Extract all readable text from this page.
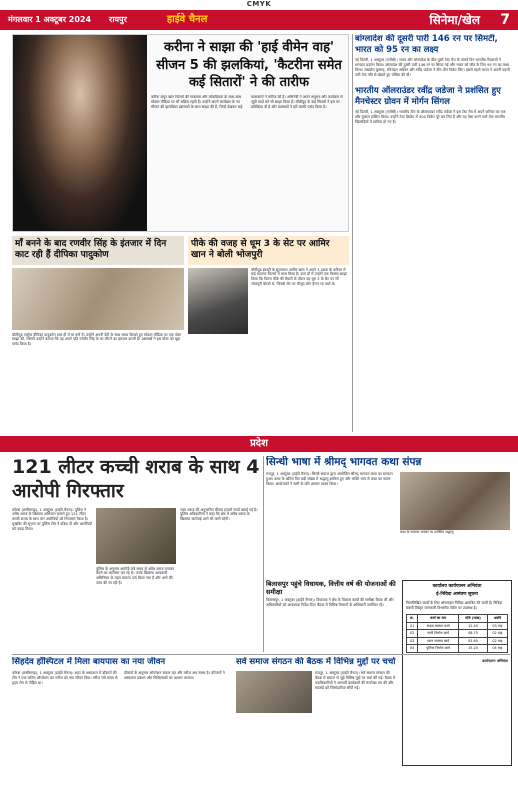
CMYK
मंगलवार 1 अक्टूबर 2024 रायपुर	हाईवे चैनल	सिनेमा/खेल 7
करीना ने साझा की 'हाई वीमेन वाह' सीजन 5 की झलकियां, 'कैटरीना समेत कई सितारों' ने की तारीफ
करीना कपूर खान फिल्मों की सफलता और लोकप्रियता के साथ-साथ सोशल मीडिया पर भी सक्रिय रहती हैं। उन्होंने अपने कार्यक्रम के नए सीजन की झलकियां प्रशंसकों के साथ साझा की हैं, जिन्हें देखकर कई कलाकारों ने तारीफ की है। अभिनेत्री ने अपने अनुभव और कार्यक्रम से जुड़ी यादों को भी साझा किया है। बॉलीवुड के कई सितारों ने इस पर प्रतिक्रिया दी है और प्रशंसकों ने इसे काफी पसंद किया है।
बांग्लादेश की दूसरी पारी 146 रन पर सिमटी, भारत को 95 रन का लक्ष्य

नई दिल्ली, 1 अक्टूबर (एजेंसी)। भारत और बांग्लादेश के बीच दूसरे टेस्ट मैच के पांचवें दिन भारतीय गेंदबाजों ने शानदार प्रदर्शन किया। बांग्लादेश की दूसरी पारी 146 रन पर सिमट गई और भारत को जीत के लिए 95 रन का लक्ष्य मिला। जसप्रीत बुमराह, रविचंद्रन अश्विन और रवींद्र जडेजा ने तीन-तीन विकेट लिए। इससे पहले भारत ने अपनी पहली पारी तेज गति से खेलते हुए घोषित की थी।

भारतीय ऑलराउंडर रवींद्र जडेजा ने प्रशंसित हुए मैनचेस्टर ग्रोवन में मोर्गन सिंगल

नई दिल्ली, 1 अक्टूबर (एजेंसी)। भारतीय टीम के ऑलराउंडर रवींद्र जडेजा ने इस टेस्ट मैच में अपने करियर का एक और मुकाम हासिल किया। उन्होंने टेस्ट क्रिकेट में 300 विकेट पूरे कर लिए हैं और वह ऐसा करने वाले तेज भारतीय खिलाड़ियों में शामिल हो गए हैं।

माँ बनने के बाद रणवीर सिंह के इंतजार में दिन काट रही हैं दीपिका पादुकोण

बॉलीवुड एक्ट्रेस दीपिका पादुकोण हाल ही में मां बनी हैं। उन्होंने अपनी बेटी के साथ समय बिताते हुए सोशल मीडिया पर एक पोस्ट साझा की, जिसमें उन्होंने बताया कि वह अपने पति रणवीर सिंह के घर लौटने का इंतजार करती हैं। प्रशंसकों ने इस पोस्ट को खूब पसंद किया है।

पीके की वजह से धूम 3 के सेट पर आमिर खान ने बोली भोजपुरी

बॉलीवुड इंडस्ट्री के सुपरस्टार आमिर खान ने अपने 3 दशक के करियर में कई यादगार फिल्मों में काम किया है। हाल ही में उन्होंने एक किस्सा साझा किया कि फिल्म पीके की तैयारी के दौरान वह धूम 3 के सेट पर भी भोजपुरी बोलते थे, जिससे सेट पर मौजूद लोग हैरान रह जाते थे।

प्रदेश
121 लीटर कच्ची शराब के साथ 4 आरोपी गिरफ्तार

कोरबा (छत्तीसगढ़), 1 अक्टूबर (हाईवे चैनल)। पुलिस ने अवैध शराब के खिलाफ अभियान चलाते हुए 121 लीटर कच्ची शराब के साथ चार आरोपियों को गिरफ्तार किया है। मुखबिर की सूचना पर पुलिस टीम ने दबिश दी और आरोपियों को पकड़ लिया।

पुलिस के अनुसार आरोपी लंबे समय से अवैध शराब बनाकर बेचने का कारोबार कर रहे थे। उनके खिलाफ आबकारी अधिनियम के तहत मामला दर्ज किया गया है और आगे की जांच की जा रही है।

जब्त शराब की अनुमानित कीमत हजारों रुपये बताई गई है। पुलिस अधिकारियों ने कहा कि क्षेत्र में अवैध शराब के खिलाफ कार्रवाई आगे भी जारी रहेगी।

सिन्धी भाषा में श्रीमद् भागवत कथा संपन्न

रायपुर, 1 अक्टूबर (हाईवे चैनल)। सिन्धी समाज द्वारा आयोजित श्रीमद् भागवत कथा का समापन हुआ। कथा के अंतिम दिन बड़ी संख्या में श्रद्धालु शामिल हुए और भक्ति भाव से कथा का श्रवण किया। आयोजकों ने सभी के प्रति आभार व्यक्त किया।

कथा के समापन अवसर पर उपस्थित श्रद्धालु

बिलासपुर पहुंचे विधायक, वित्तीय वर्ष की योजनाओं की समीक्षा

बिलासपुर, 1 अक्टूबर (हाईवे चैनल)। विधायक ने क्षेत्र के विकास कार्यों की समीक्षा बैठक ली और अधिकारियों को आवश्यक निर्देश दिए। बैठक में विभिन्न विभागों के अधिकारी उपस्थित रहे।

कार्यालय कार्यपालन अभियंता
ई-निविदा आमंत्रण सूचना

निम्नलिखित कार्यों के लिए ऑनलाइन निविदा आमंत्रित की जाती है। निविदा संबंधी विस्तृत जानकारी विभागीय पोर्टल पर उपलब्ध है।

क्र.	कार्य का नाम	राशि (लाख)	अवधि
01	सड़क मरम्मत कार्य	12.40	03 माह
02	नाली निर्माण कार्य	08.75	02 माह
03	भवन मरम्मत कार्य	05.60	02 माह
04	पुलिया निर्माण कार्य	15.20	04 माह

कार्यपालन अभियंता

सिंहदेव हॉस्पिटल में मिला बायपास का नया जीवन

कोरबा (छत्तीसगढ़), 1 अक्टूबर (हाईवे चैनल)। शहर के अस्पताल में डॉक्टरों की टीम ने एक जटिल ऑपरेशन कर मरीज को नया जीवन दिया। मरीज लंबे समय से हृदय रोग से पीड़ित था।

डॉक्टरों के अनुसार ऑपरेशन सफल रहा और मरीज अब स्वस्थ है। परिजनों ने अस्पताल प्रबंधन और चिकित्सकों का आभार जताया।

सर्व समाज संगठन की बैठक में विभिन्न मुद्दों पर चर्चा

रायपुर, 1 अक्टूबर (हाईवे चैनल)। सर्व समाज संगठन की बैठक में समाज से जुड़े विभिन्न मुद्दों पर चर्चा की गई। बैठक में पदाधिकारियों ने आगामी कार्यक्रमों की रूपरेखा तय की और सदस्यों को जिम्मेदारियां सौंपी गईं।
